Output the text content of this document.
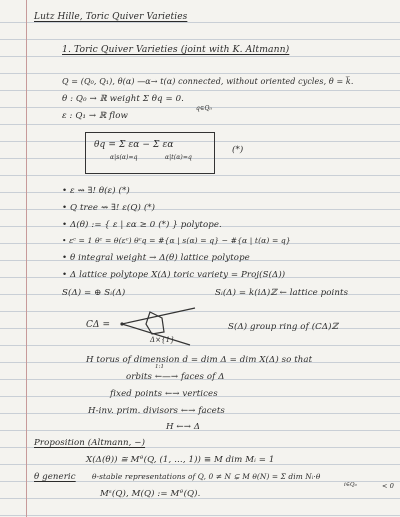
Lutz Hille, Toric Quiver Varieties
1. Toric Quiver Varieties (joint with K. Altmann)
Q = (Q₀, Q₁), θ(α) —α→ t(α) connected, without oriented cycles, θ = k̅.
θ : Q₀ → ℝ weight Σ θq = 0.
q∈Q₀
ε : Q₁ → ℝ flow
θq = Σ εα − Σ εα
α|s(α)=q	α|t(α)=q
(*)
• ε ⇝ ∃! θ(ε) (*)
• Q tree ⇝ ∃! ε(Q) (*)
• Δ(θ) := { ε | εα ≥ 0 (*) } polytope.
• εᶜ = 1 θᶜ = θ(εᶜ) θᶜq = #{α | s(α) = q} − #{α | t(α) = q}
• θ integral weight → Δ(θ) lattice polytope
• Δ lattice polytope X(Δ) toric variety = Proj(S(Δ))
S(Δ) = ⊕ Sᵢ(Δ)	Sᵢ(Δ) = k(iΔ)ℤ ← lattice points
CΔ =
Δ×{1}
S(Δ) group ring of (CΔ)ℤ
H torus of dimension d = dim Δ = dim X(Δ) so that
1:1
orbits ←—→ faces of Δ
fixed points ←→ vertices
H-inv. prim. divisors ←→ facets
H ←→ Δ
Proposition (Altmann, −)
X(Δ(θ)) ≅ Mᶿ(Q, (1, …, 1)) ≡ M dim Mᵢ = 1
θ generic θ-stable representations of Q, 0 ≠ N ⊊ M θ(N) = Σ dim Nᵢ·θ
i∈Q₀	< 0
Mˢ(Q), M(Q) := Mᶿ(Q).
